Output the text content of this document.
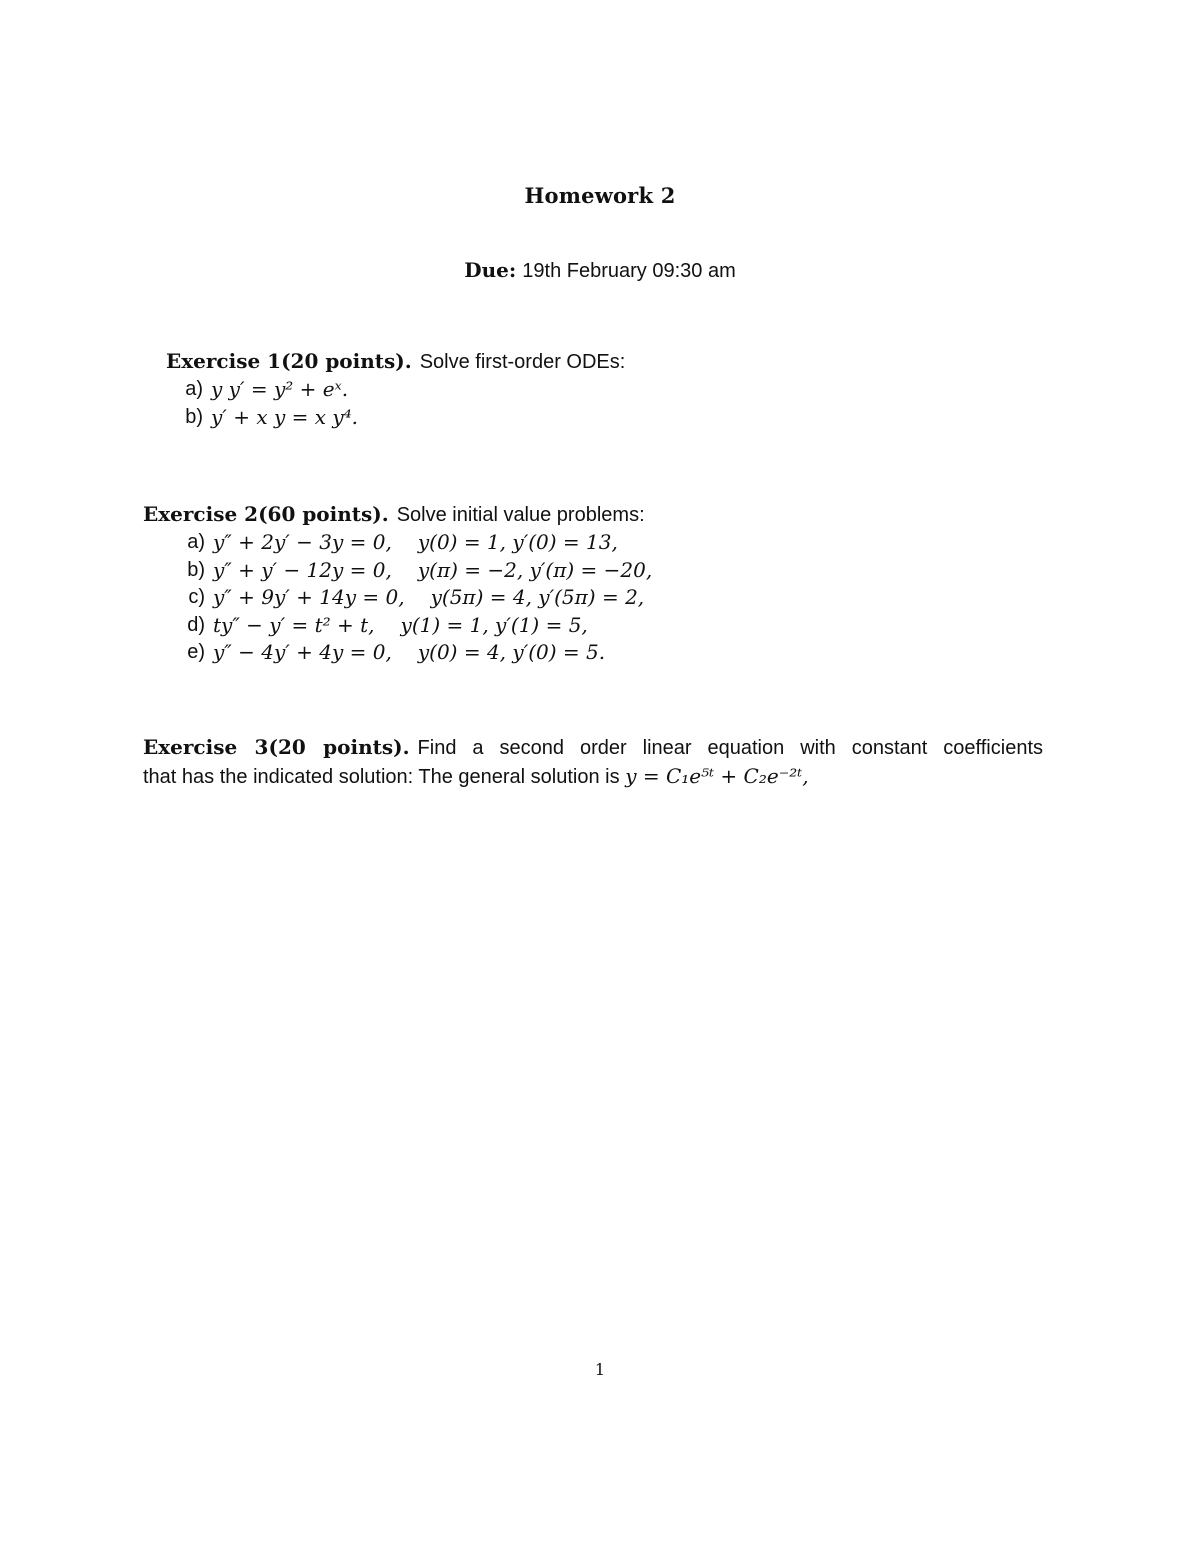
Homework 2
Due: 19th February 09:30 am
Exercise 1(20 points). Solve first-order ODEs:
a) y y′ = y² + eˣ.
b) y′ + x y = x y⁴.
Exercise 2(60 points). Solve initial value problems:
a) y″ + 2y′ − 3y = 0, y(0) = 1, y′(0) = 13,
b) y″ + y′ − 12y = 0, y(π) = −2, y′(π) = −20,
c) y″ + 9y′ + 14y = 0, y(5π) = 4, y′(5π) = 2,
d) ty″ − y′ = t² + t, y(1) = 1, y′(1) = 5,
e) y″ − 4y′ + 4y = 0, y(0) = 4, y′(0) = 5.
Exercise 3(20 points). Find a second order linear equation with constant coefficients
that has the indicated solution: The general solution is y = C₁e⁵ᵗ + C₂e⁻²ᵗ,
1
